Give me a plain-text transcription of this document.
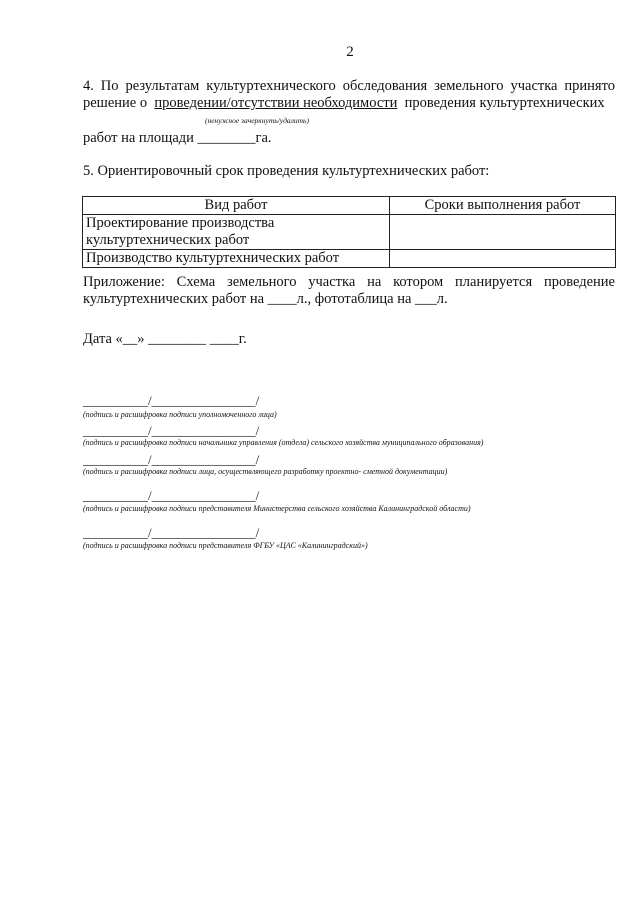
2
4. По результатам культуртехнического обследования земельного участка принято
решение о проведении/отсутствии необходимости проведения культуртехнических
(ненужное зачеркнуть/удалить)
работ на площади ________га.
5. Ориентировочный срок проведения культуртехнических работ:
Вид работ	Сроки выполнения работ
Проектирование производства культуртехнических работ	
Производство культуртехнических работ	
Приложение: Схема земельного участка на котором планируется проведение
культуртехнических работ на ____л., фототаблица на ___л.
Дата «__» ________ ____г.
__________/________________/
(подпись и расшифровка подписи уполномоченного лица)
__________/________________/
(подпись и расшифровка подписи начальника управления (отдела) сельского хозяйства муниципального образования)
__________/________________/
(подпись и расшифровка подписи лица, осуществляющего разработку проектно- сметной документации)
__________/________________/
(подпись и расшифровка подписи представителя Министерства сельского хозяйства Калининградской области)
__________/________________/
(подпись и расшифровка подписи представителя ФГБУ «ЦАС «Калининградский»)
